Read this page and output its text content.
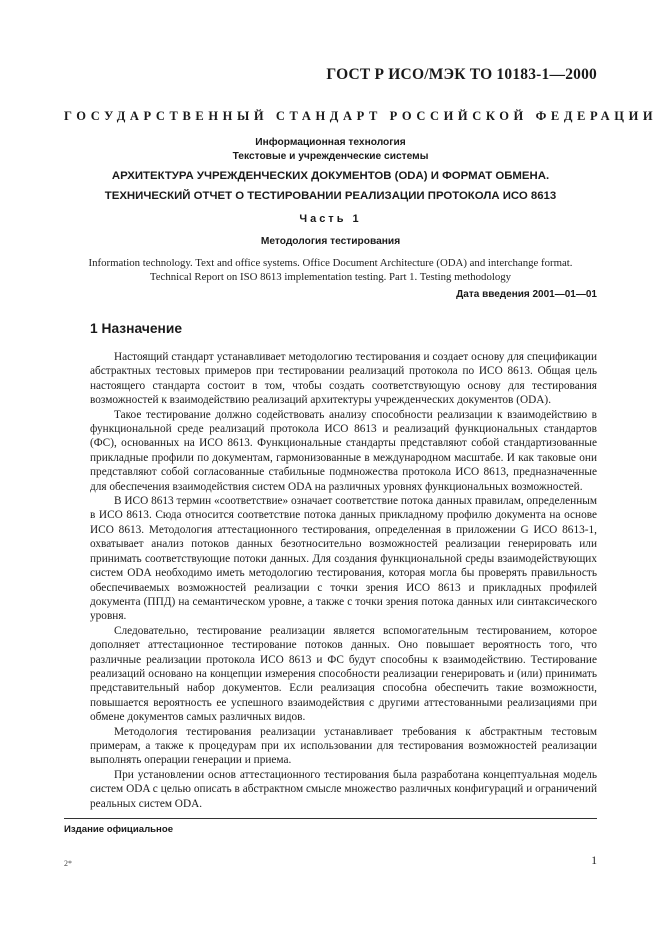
ГОСТ Р ИСО/МЭК ТО 10183-1—2000
ГОСУДАРСТВЕННЫЙ СТАНДАРТ РОССИЙСКОЙ ФЕДЕРАЦИИ
Информационная технология
Текстовые и учрежденческие системы
АРХИТЕКТУРА УЧРЕЖДЕНЧЕСКИХ ДОКУМЕНТОВ (ODA) И ФОРМАТ ОБМЕНА.
ТЕХНИЧЕСКИЙ ОТЧЕТ О ТЕСТИРОВАНИИ РЕАЛИЗАЦИИ ПРОТОКОЛА ИСО 8613
Часть 1
Методология тестирования
Information technology. Text and office systems. Office Document Architecture (ODA) and interchange format.
Technical Report on ISO 8613 implementation testing. Part 1. Testing methodology
Дата введения 2001—01—01
1 Назначение

Настоящий стандарт устанавливает методологию тестирования и создает основу для спецификации абстрактных тестовых примеров при тестировании реализаций протокола по ИСО 8613. Общая цель настоящего стандарта состоит в том, чтобы создать соответствующую основу для тестирования возможностей к взаимодействию реализаций архитектуры учрежденческих документов (ODA).

Такое тестирование должно содействовать анализу способности реализации к взаимодействию в функциональной среде реализаций протокола ИСО 8613 и реализаций функциональных стандартов (ФС), основанных на ИСО 8613. Функциональные стандарты представляют собой стандартизованные прикладные профили по документам, гармонизованные в международном масштабе. И как таковые они представляют собой согласованные стабильные подмножества протокола ИСО 8613, предназначенные для обеспечения взаимодействия систем ODA на различных уровнях функциональных возможностей.

В ИСО 8613 термин «соответствие» означает соответствие потока данных правилам, определенным в ИСО 8613. Сюда относится соответствие потока данных прикладному профилю документа на основе ИСО 8613. Методология аттестационного тестирования, определенная в приложении G ИСО 8613-1, охватывает анализ потоков данных безотносительно возможностей реализации генерировать или принимать соответствующие потоки данных. Для создания функциональной среды взаимодействующих систем ODA необходимо иметь методологию тестирования, которая могла бы проверять правильность обеспечиваемых возможностей реализации с точки зрения ИСО 8613 и прикладных профилей документа (ППД) на семантическом уровне, а также с точки зрения потока данных или синтаксического уровня.

Следовательно, тестирование реализации является вспомогательным тестированием, которое дополняет аттестационное тестирование потоков данных. Оно повышает вероятность того, что различные реализации протокола ИСО 8613 и ФС будут способны к взаимодействию. Тестирование реализаций основано на концепции измерения способности реализации генерировать и (или) принимать представительный набор документов. Если реализация способна обеспечить такие возможности, повышается вероятность ее успешного взаимодействия с другими аттестованными реализациями при обмене документов самых различных видов.

Методология тестирования реализации устанавливает требования к абстрактным тестовым примерам, а также к процедурам при их использовании для тестирования возможностей реализации выполнять операции генерации и приема.

При установлении основ аттестационного тестирования была разработана концептуальная модель систем ODA с целью описать в абстрактном смысле множество различных конфигураций и ограничений реальных систем ODA.

Издание официальное
2*	1
